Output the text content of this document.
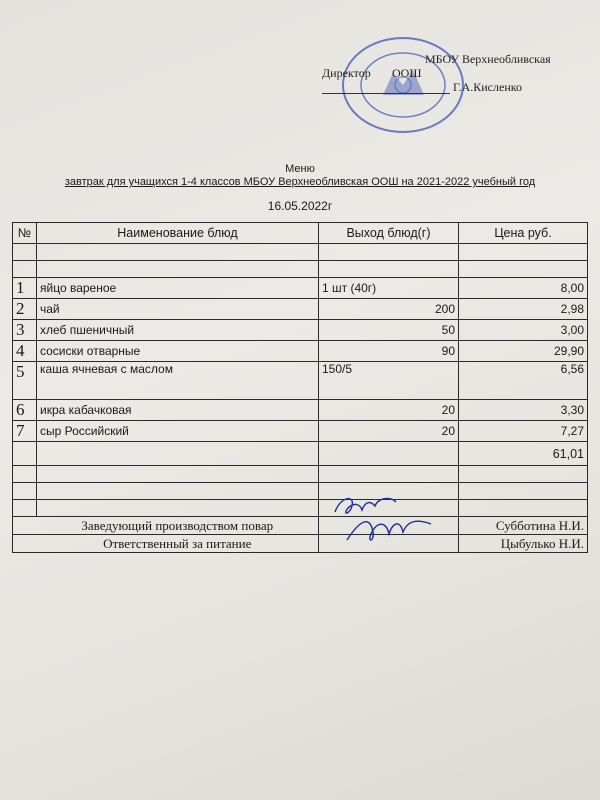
МБОУ Верхнеобливская
Директор ООШ
Г.А.Кисленко
Меню
завтрак для учащихся 1-4 классов МБОУ Верхнеобливская ООШ на 2021-2022 учебный год
16.05.2022г
№	Наименование блюд	Выход блюд(г)	Цена руб.

1	яйцо вареное	1 шт (40г)	8,00
2	чай	200	2,98
3	хлеб пшеничный	50	3,00
4	сосиски отварные	90	29,90
5	каша ячневая с маслом	150/5	6,56
6	икра кабачковая	20	3,30
7	сыр Российский	20	7,27
			61,01

	Заведующий производством повар		Субботина Н.И.
	Ответственный за питание		Цыбулько Н.И.
